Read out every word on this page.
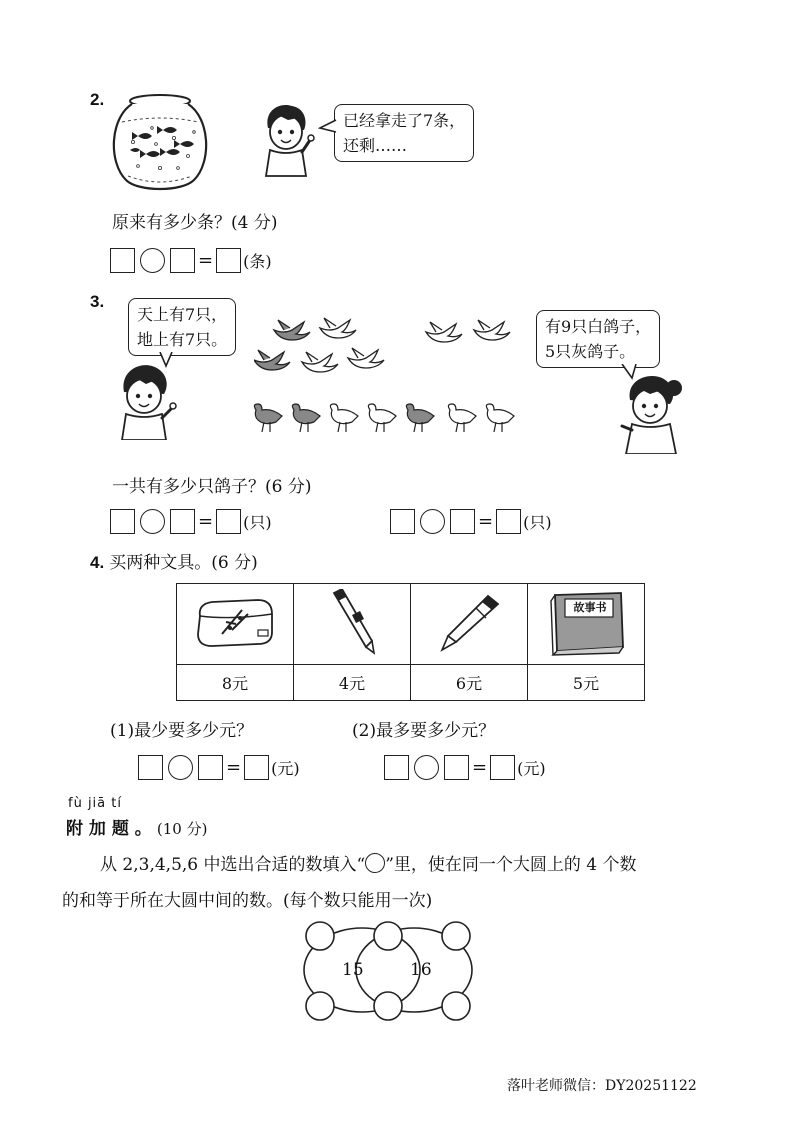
2.
已经拿走了7条，
还剩……
原来有多少条？(4 分)
= (条)
3.
天上有7只，
地上有7只。
有9只白鸽子，
5只灰鸽子。
一共有多少只鸽子？(6 分)
= (只)	= (只)
4. 买两种文具。(6 分)

故事书

8元	4元	6元	5元
(1)最少要多少元？	(2)最多要多少元？
= (元)	= (元)
fù jiā tí
附 加 题 。 (10 分)
从 2,3,4,5,6 中选出合适的数填入“ ”里，使在同一个大圆上的 4 个数
的和等于所在大圆中间的数。(每个数只能用一次)
15	16
落叶老师微信：DY20251122
